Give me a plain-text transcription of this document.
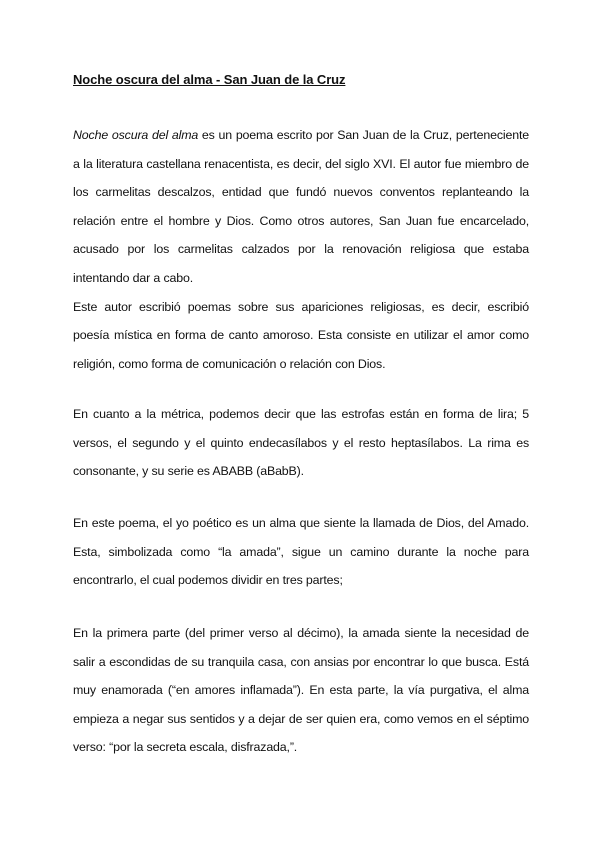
Noche oscura del alma - San Juan de la Cruz

Noche oscura del alma es un poema escrito por San Juan de la Cruz, perteneciente a la literatura castellana renacentista, es decir, del siglo XVI. El autor fue miembro de los carmelitas descalzos, entidad que fundó nuevos conventos replanteando la relación entre el hombre y Dios. Como otros autores, San Juan fue encarcelado, acusado por los carmelitas calzados por la renovación religiosa que estaba intentando dar a cabo.

Este autor escribió poemas sobre sus apariciones religiosas, es decir, escribió poesía mística en forma de canto amoroso. Esta consiste en utilizar el amor como religión, como forma de comunicación o relación con Dios.

En cuanto a la métrica, podemos decir que las estrofas están en forma de lira; 5 versos, el segundo y el quinto endecasílabos y el resto heptasílabos. La rima es consonante, y su serie es ABABB (aBabB).

En este poema, el yo poético es un alma que siente la llamada de Dios, del Amado. Esta, simbolizada como “la amada”, sigue un camino durante la noche para encontrarlo, el cual podemos dividir en tres partes;

En la primera parte (del primer verso al décimo), la amada siente la necesidad de salir a escondidas de su tranquila casa, con ansias por encontrar lo que busca. Está muy enamorada (“en amores inflamada”). En esta parte, la vía purgativa, el alma empieza a negar sus sentidos y a dejar de ser quien era, como vemos en el séptimo verso: “por la secreta escala, disfrazada,”.
